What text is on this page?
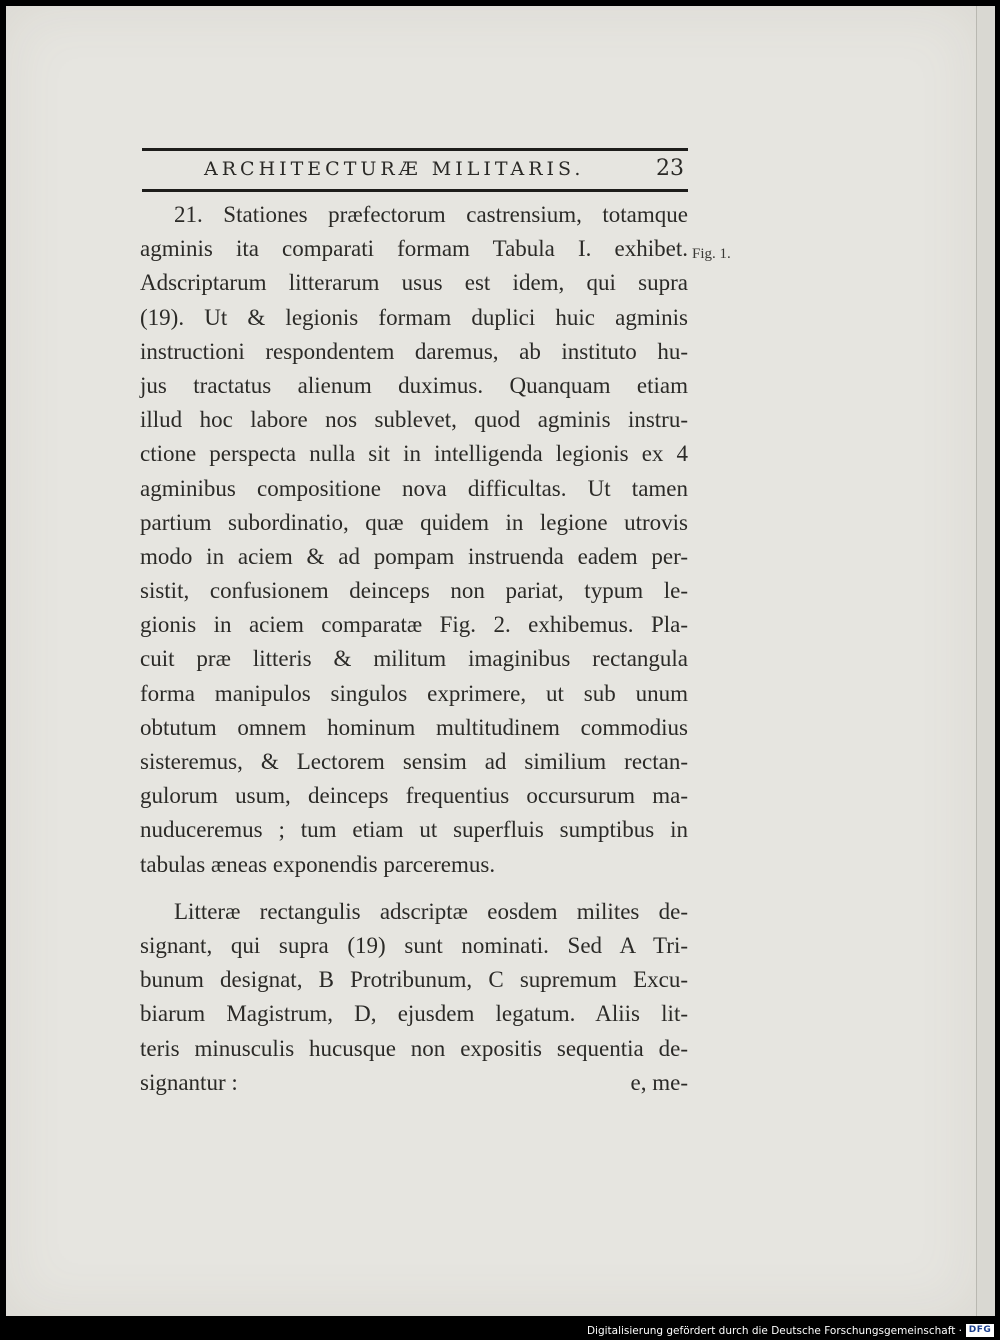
ARCHITECTURÆ MILITARIS.	23
Fig. 1.
21. Stationes præfectorum castrensium, totamque
agminis ita comparati formam Tabula I. exhibet.
Adscriptarum litterarum usus est idem, qui supra
(19). Ut & legionis formam duplici huic agminis
instructioni respondentem daremus, ab instituto hu-
jus tractatus alienum duximus. Quanquam etiam
illud hoc labore nos sublevet, quod agminis instru-
ctione perspecta nulla sit in intelligenda legionis ex 4
agminibus compositione nova difficultas. Ut tamen
partium subordinatio, quæ quidem in legione utrovis
modo in aciem & ad pompam instruenda eadem per-
sistit, confusionem deinceps non pariat, typum le-
gionis in aciem comparatæ Fig. 2. exhibemus. Pla-
cuit præ litteris & militum imaginibus rectangula
forma manipulos singulos exprimere, ut sub unum
obtutum omnem hominum multitudinem commodius
sisteremus, & Lectorem sensim ad similium rectan-
gulorum usum, deinceps frequentius occursurum ma-
nuduceremus ; tum etiam ut superfluis sumptibus in
tabulas æneas exponendis parceremus.
Litteræ rectangulis adscriptæ eosdem milites de-
signant, qui supra (19) sunt nominati. Sed A Tri-
bunum designat, B Protribunum, C supremum Excu-
biarum Magistrum, D, ejusdem legatum. Aliis lit-
teris minusculis hucusque non expositis sequentia de-
signantur :	e, me-
Digitalisierung gefördert durch die Deutsche Forschungsgemeinschaft · DFG
